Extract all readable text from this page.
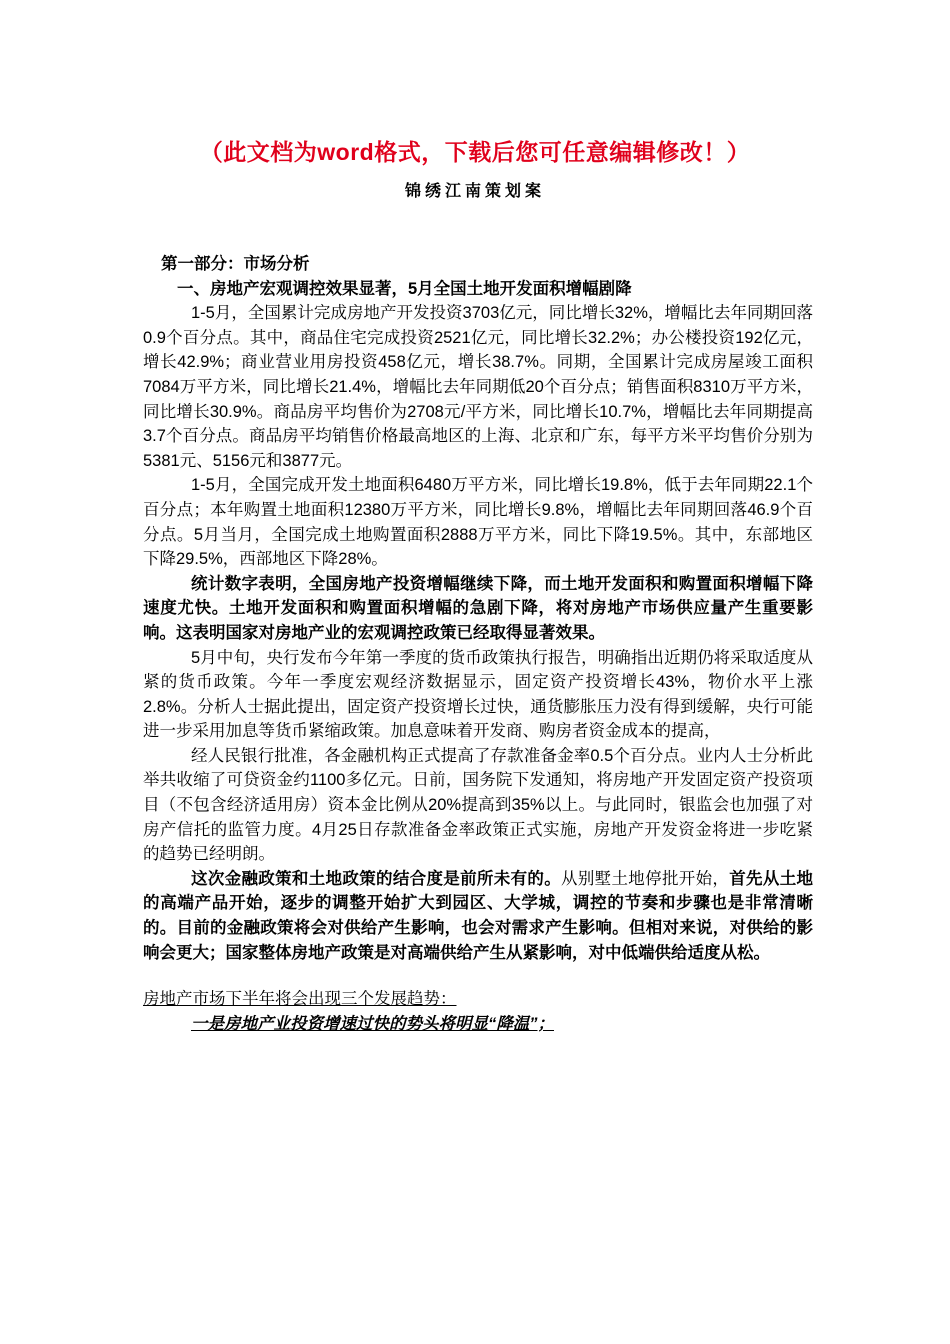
（此文档为word格式，下载后您可任意编辑修改！）
锦绣江南策划案

第一部分：市场分析

一、房地产宏观调控效果显著，5月全国土地开发面积增幅剧降

1-5月，全国累计完成房地产开发投资3703亿元，同比增长32%，增幅比去年同期回落0.9个百分点。其中，商品住宅完成投资2521亿元，同比增长32.2%；办公楼投资192亿元，增长42.9%；商业营业用房投资458亿元，增长38.7%。同期，全国累计完成房屋竣工面积7084万平方米，同比增长21.4%，增幅比去年同期低20个百分点；销售面积8310万平方米，同比增长30.9%。商品房平均售价为2708元/平方米，同比增长10.7%，增幅比去年同期提高3.7个百分点。商品房平均销售价格最高地区的上海、北京和广东，每平方米平均售价分别为5381元、5156元和3877元。

1-5月，全国完成开发土地面积6480万平方米，同比增长19.8%，低于去年同期22.1个百分点；本年购置土地面积12380万平方米，同比增长9.8%，增幅比去年同期回落46.9个百分点。5月当月，全国完成土地购置面积2888万平方米，同比下降19.5%。其中，东部地区下降29.5%，西部地区下降28%。

统计数字表明，全国房地产投资增幅继续下降，而土地开发面积和购置面积增幅下降速度尤快。土地开发面积和购置面积增幅的急剧下降，将对房地产市场供应量产生重要影响。这表明国家对房地产业的宏观调控政策已经取得显著效果。

5月中旬，央行发布今年第一季度的货币政策执行报告，明确指出近期仍将采取适度从紧的货币政策。今年一季度宏观经济数据显示，固定资产投资增长43%，物价水平上涨2.8%。分析人士据此提出，固定资产投资增长过快，通货膨胀压力没有得到缓解，央行可能进一步采用加息等货币紧缩政策。加息意味着开发商、购房者资金成本的提高，

经人民银行批准，各金融机构正式提高了存款准备金率0.5个百分点。业内人士分析此举共收缩了可贷资金约1100多亿元。日前，国务院下发通知，将房地产开发固定资产投资项目（不包含经济适用房）资本金比例从20%提高到35%以上。与此同时，银监会也加强了对房产信托的监管力度。4月25日存款准备金率政策正式实施，房地产开发资金将进一步吃紧的趋势已经明朗。

这次金融政策和土地政策的结合度是前所未有的。从别墅土地停批开始，首先从土地的高端产品开始，逐步的调整开始扩大到园区、大学城，调控的节奏和步骤也是非常清晰的。目前的金融政策将会对供给产生影响，也会对需求产生影响。但相对来说，对供给的影响会更大；国家整体房地产政策是对高端供给产生从紧影响，对中低端供给适度从松。

房地产市场下半年将会出现三个发展趋势：

一是房地产业投资增速过快的势头将明显“降温”；
